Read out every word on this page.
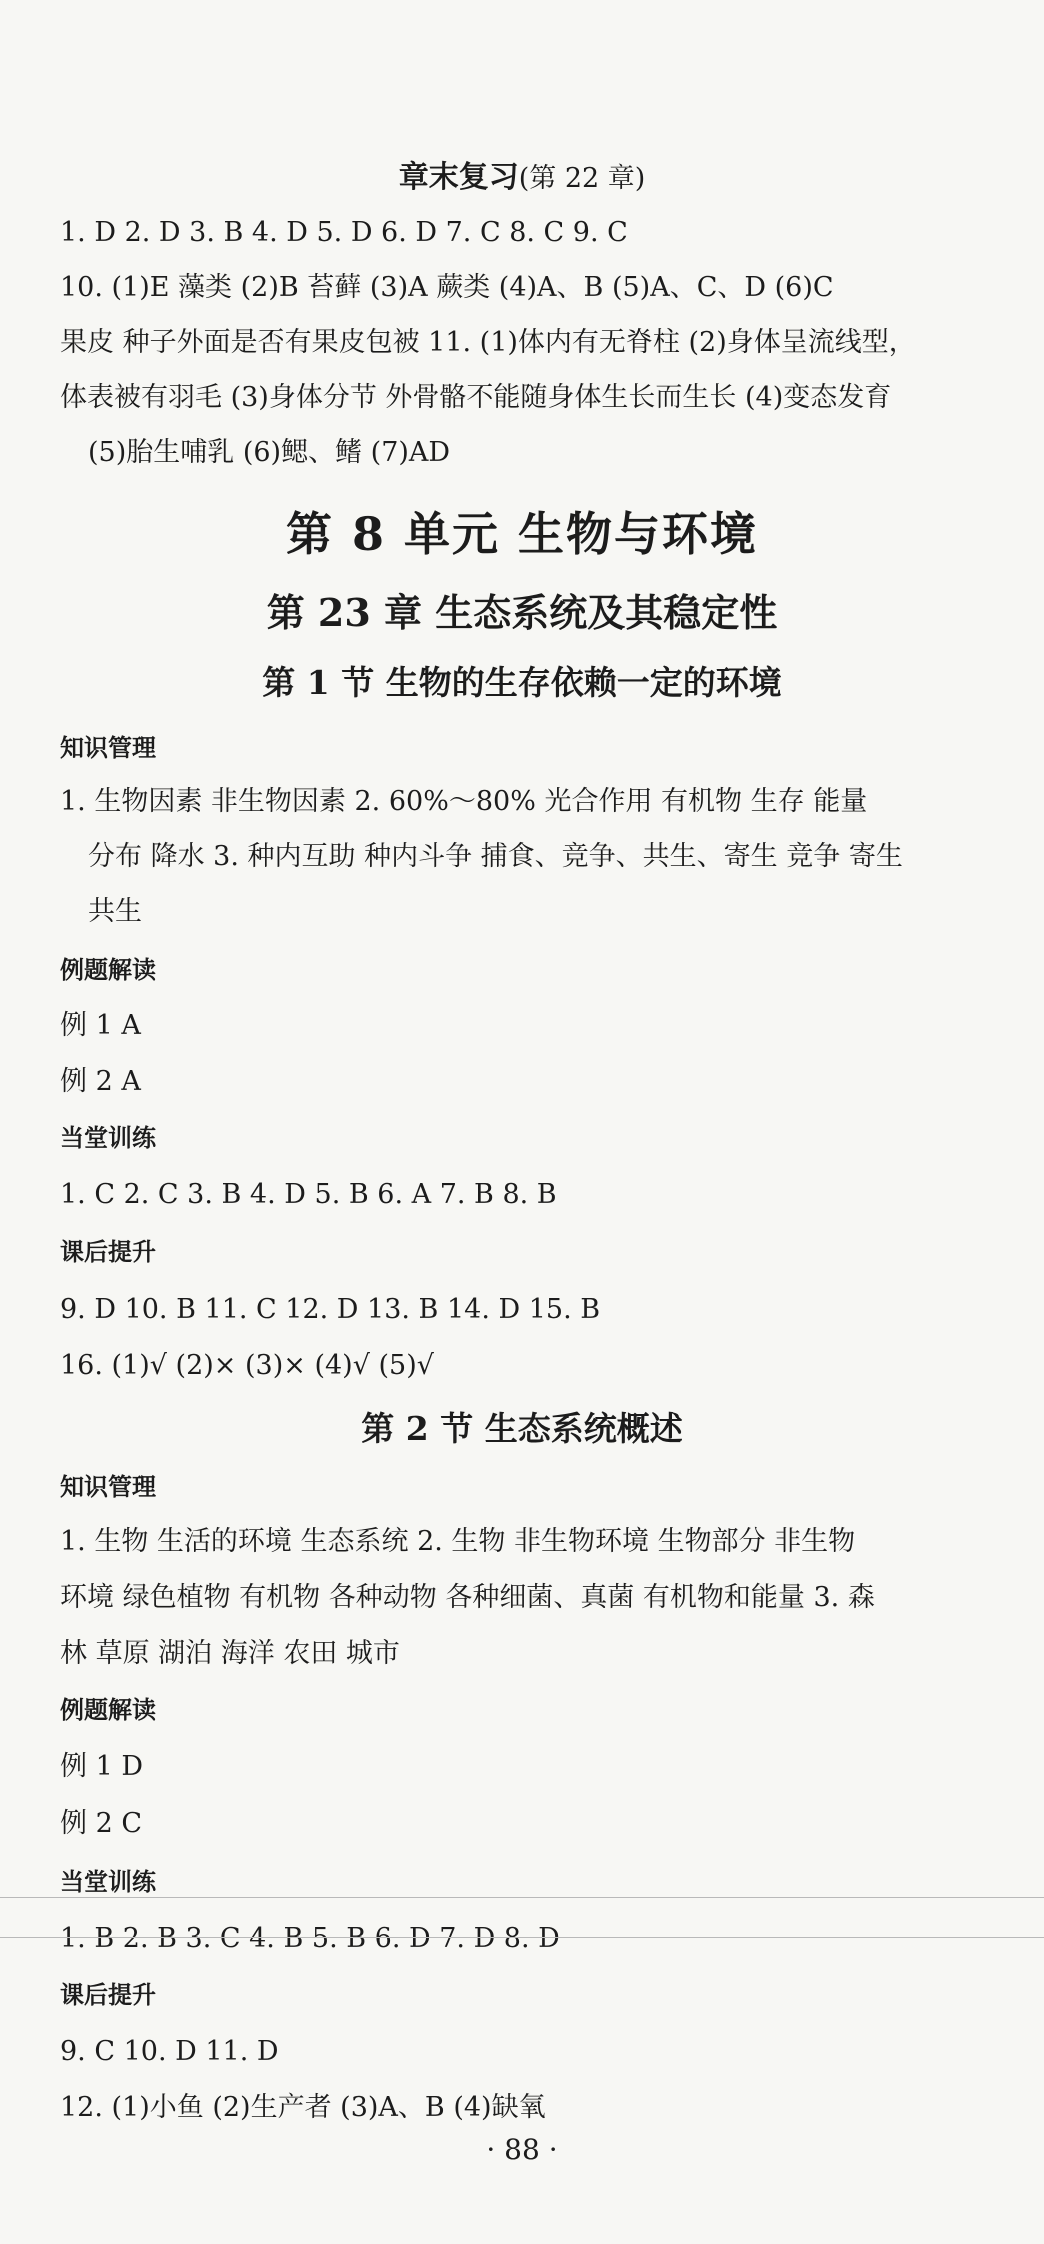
章末复习(第 22 章)
1. D 2. D 3. B 4. D 5. D 6. D 7. C 8. C 9. C
10. (1)E 藻类 (2)B 苔藓 (3)A 蕨类 (4)A、B (5)A、C、D (6)C
果皮 种子外面是否有果皮包被 11. (1)体内有无脊柱 (2)身体呈流线型，
体表被有羽毛 (3)身体分节 外骨骼不能随身体生长而生长 (4)变态发育
(5)胎生哺乳 (6)鳃、鳍 (7)AD
第 8 单元 生物与环境
第 23 章 生态系统及其稳定性
第 1 节 生物的生存依赖一定的环境
知识管理
1. 生物因素 非生物因素 2. 60%～80% 光合作用 有机物 生存 能量
分布 降水 3. 种内互助 种内斗争 捕食、竞争、共生、寄生 竞争 寄生
共生
例题解读
例 1 A
例 2 A
当堂训练
1. C 2. C 3. B 4. D 5. B 6. A 7. B 8. B
课后提升
9. D 10. B 11. C 12. D 13. B 14. D 15. B
16. (1)√ (2)× (3)× (4)√ (5)√
第 2 节 生态系统概述
知识管理
1. 生物 生活的环境 生态系统 2. 生物 非生物环境 生物部分 非生物
环境 绿色植物 有机物 各种动物 各种细菌、真菌 有机物和能量 3. 森
林 草原 湖泊 海洋 农田 城市
例题解读
例 1 D
例 2 C
当堂训练
1. B 2. B 3. C 4. B 5. B 6. D 7. D 8. D
课后提升
9. C 10. D 11. D
12. (1)小鱼 (2)生产者 (3)A、B (4)缺氧
· 88 ·
